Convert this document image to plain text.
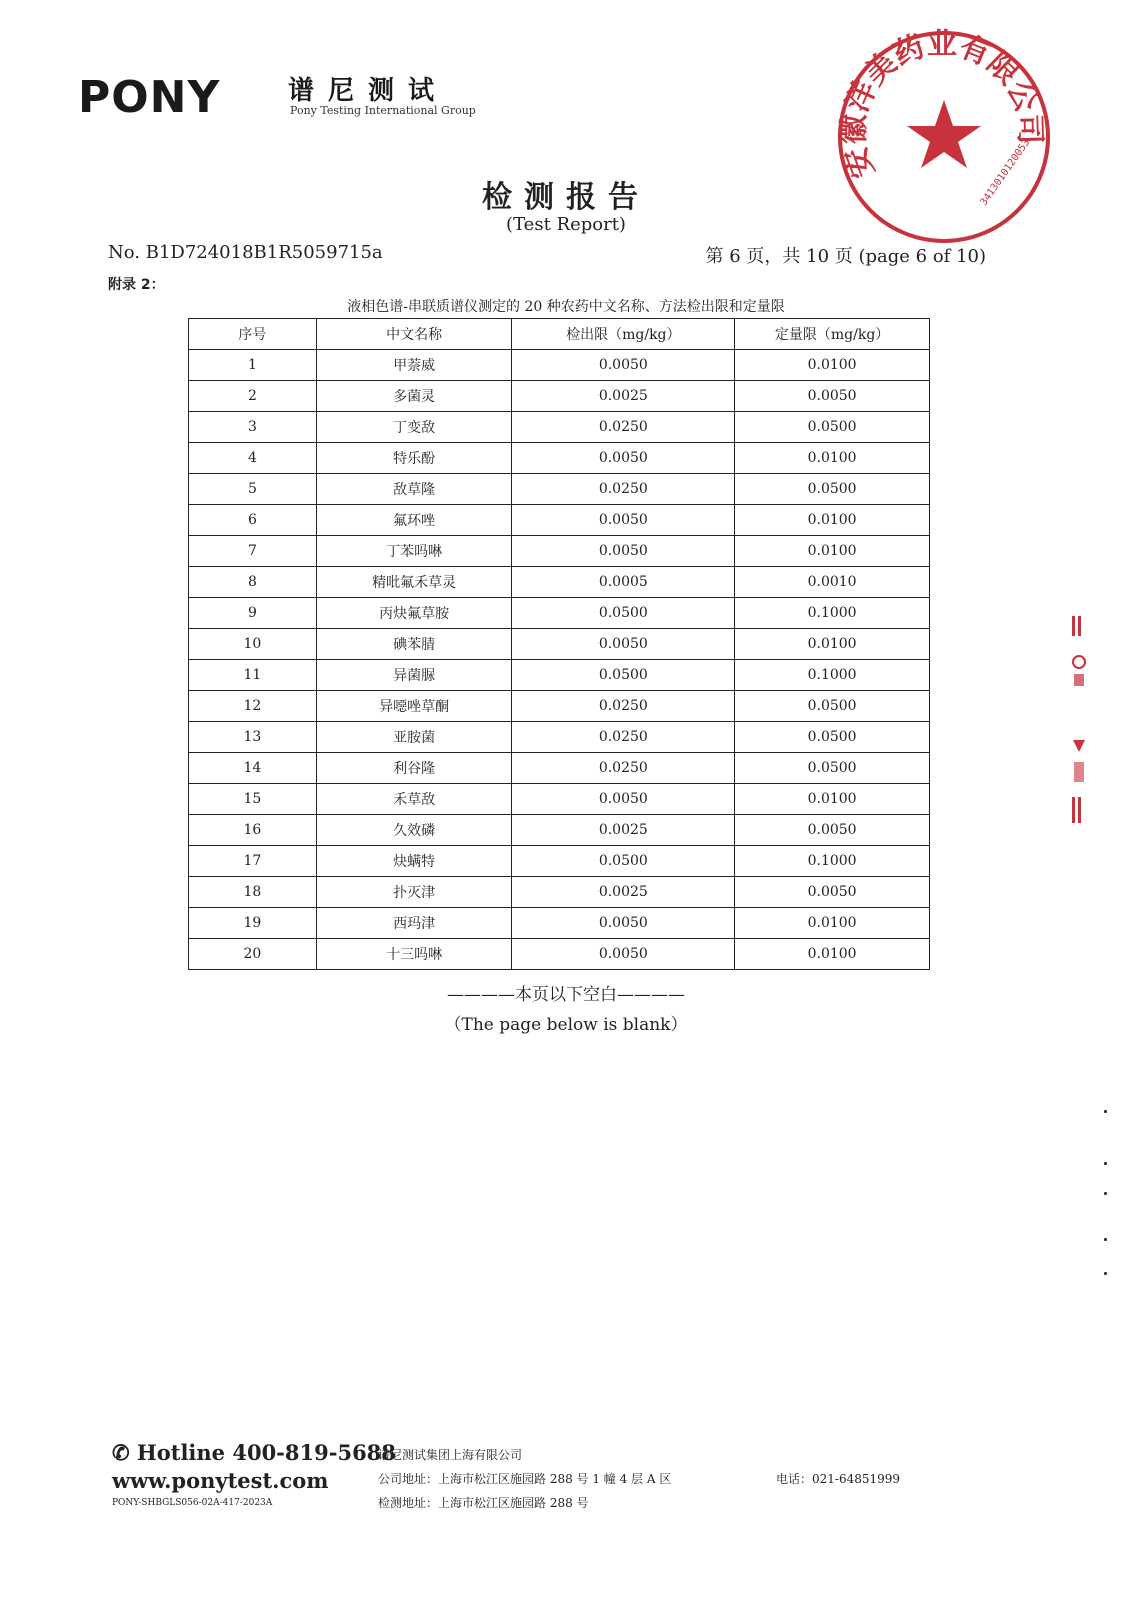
PONY	谱尼测试
Pony Testing International Group
安徽洋美药业有限公司
3413010120053
检测报告
(Test Report)
No. B1D724018B1R5059715a	第 6 页，共 10 页 (page 6 of 10)
附录 2：
液相色谱-串联质谱仪测定的 20 种农药中文名称、方法检出限和定量限
序号	中文名称	检出限（mg/kg）	定量限（mg/kg）
1	甲萘威	0.0050	0.0100
2	多菌灵	0.0025	0.0050
3	丁变敌	0.0250	0.0500
4	特乐酚	0.0050	0.0100
5	敌草隆	0.0250	0.0500
6	氟环唑	0.0050	0.0100
7	丁苯吗啉	0.0050	0.0100
8	精吡氟禾草灵	0.0005	0.0010
9	丙炔氟草胺	0.0500	0.1000
10	碘苯腈	0.0050	0.0100
11	异菌脲	0.0500	0.1000
12	异噁唑草酮	0.0250	0.0500
13	亚胺菌	0.0250	0.0500
14	利谷隆	0.0250	0.0500
15	禾草敌	0.0050	0.0100
16	久效磷	0.0025	0.0050
17	炔螨特	0.0500	0.1000
18	扑灭津	0.0025	0.0050
19	西玛津	0.0050	0.0100
20	十三吗啉	0.0050	0.0100
————本页以下空白————
（The page below is blank）
✆ Hotline 400-819-5688
www.ponytest.com
PONY-SHBGLS056-02A-417-2023A
谱尼测试集团上海有限公司
公司地址：上海市松江区施园路 288 号 1 幢 4 层 A 区
检测地址：上海市松江区施园路 288 号
电话：021-64851999
